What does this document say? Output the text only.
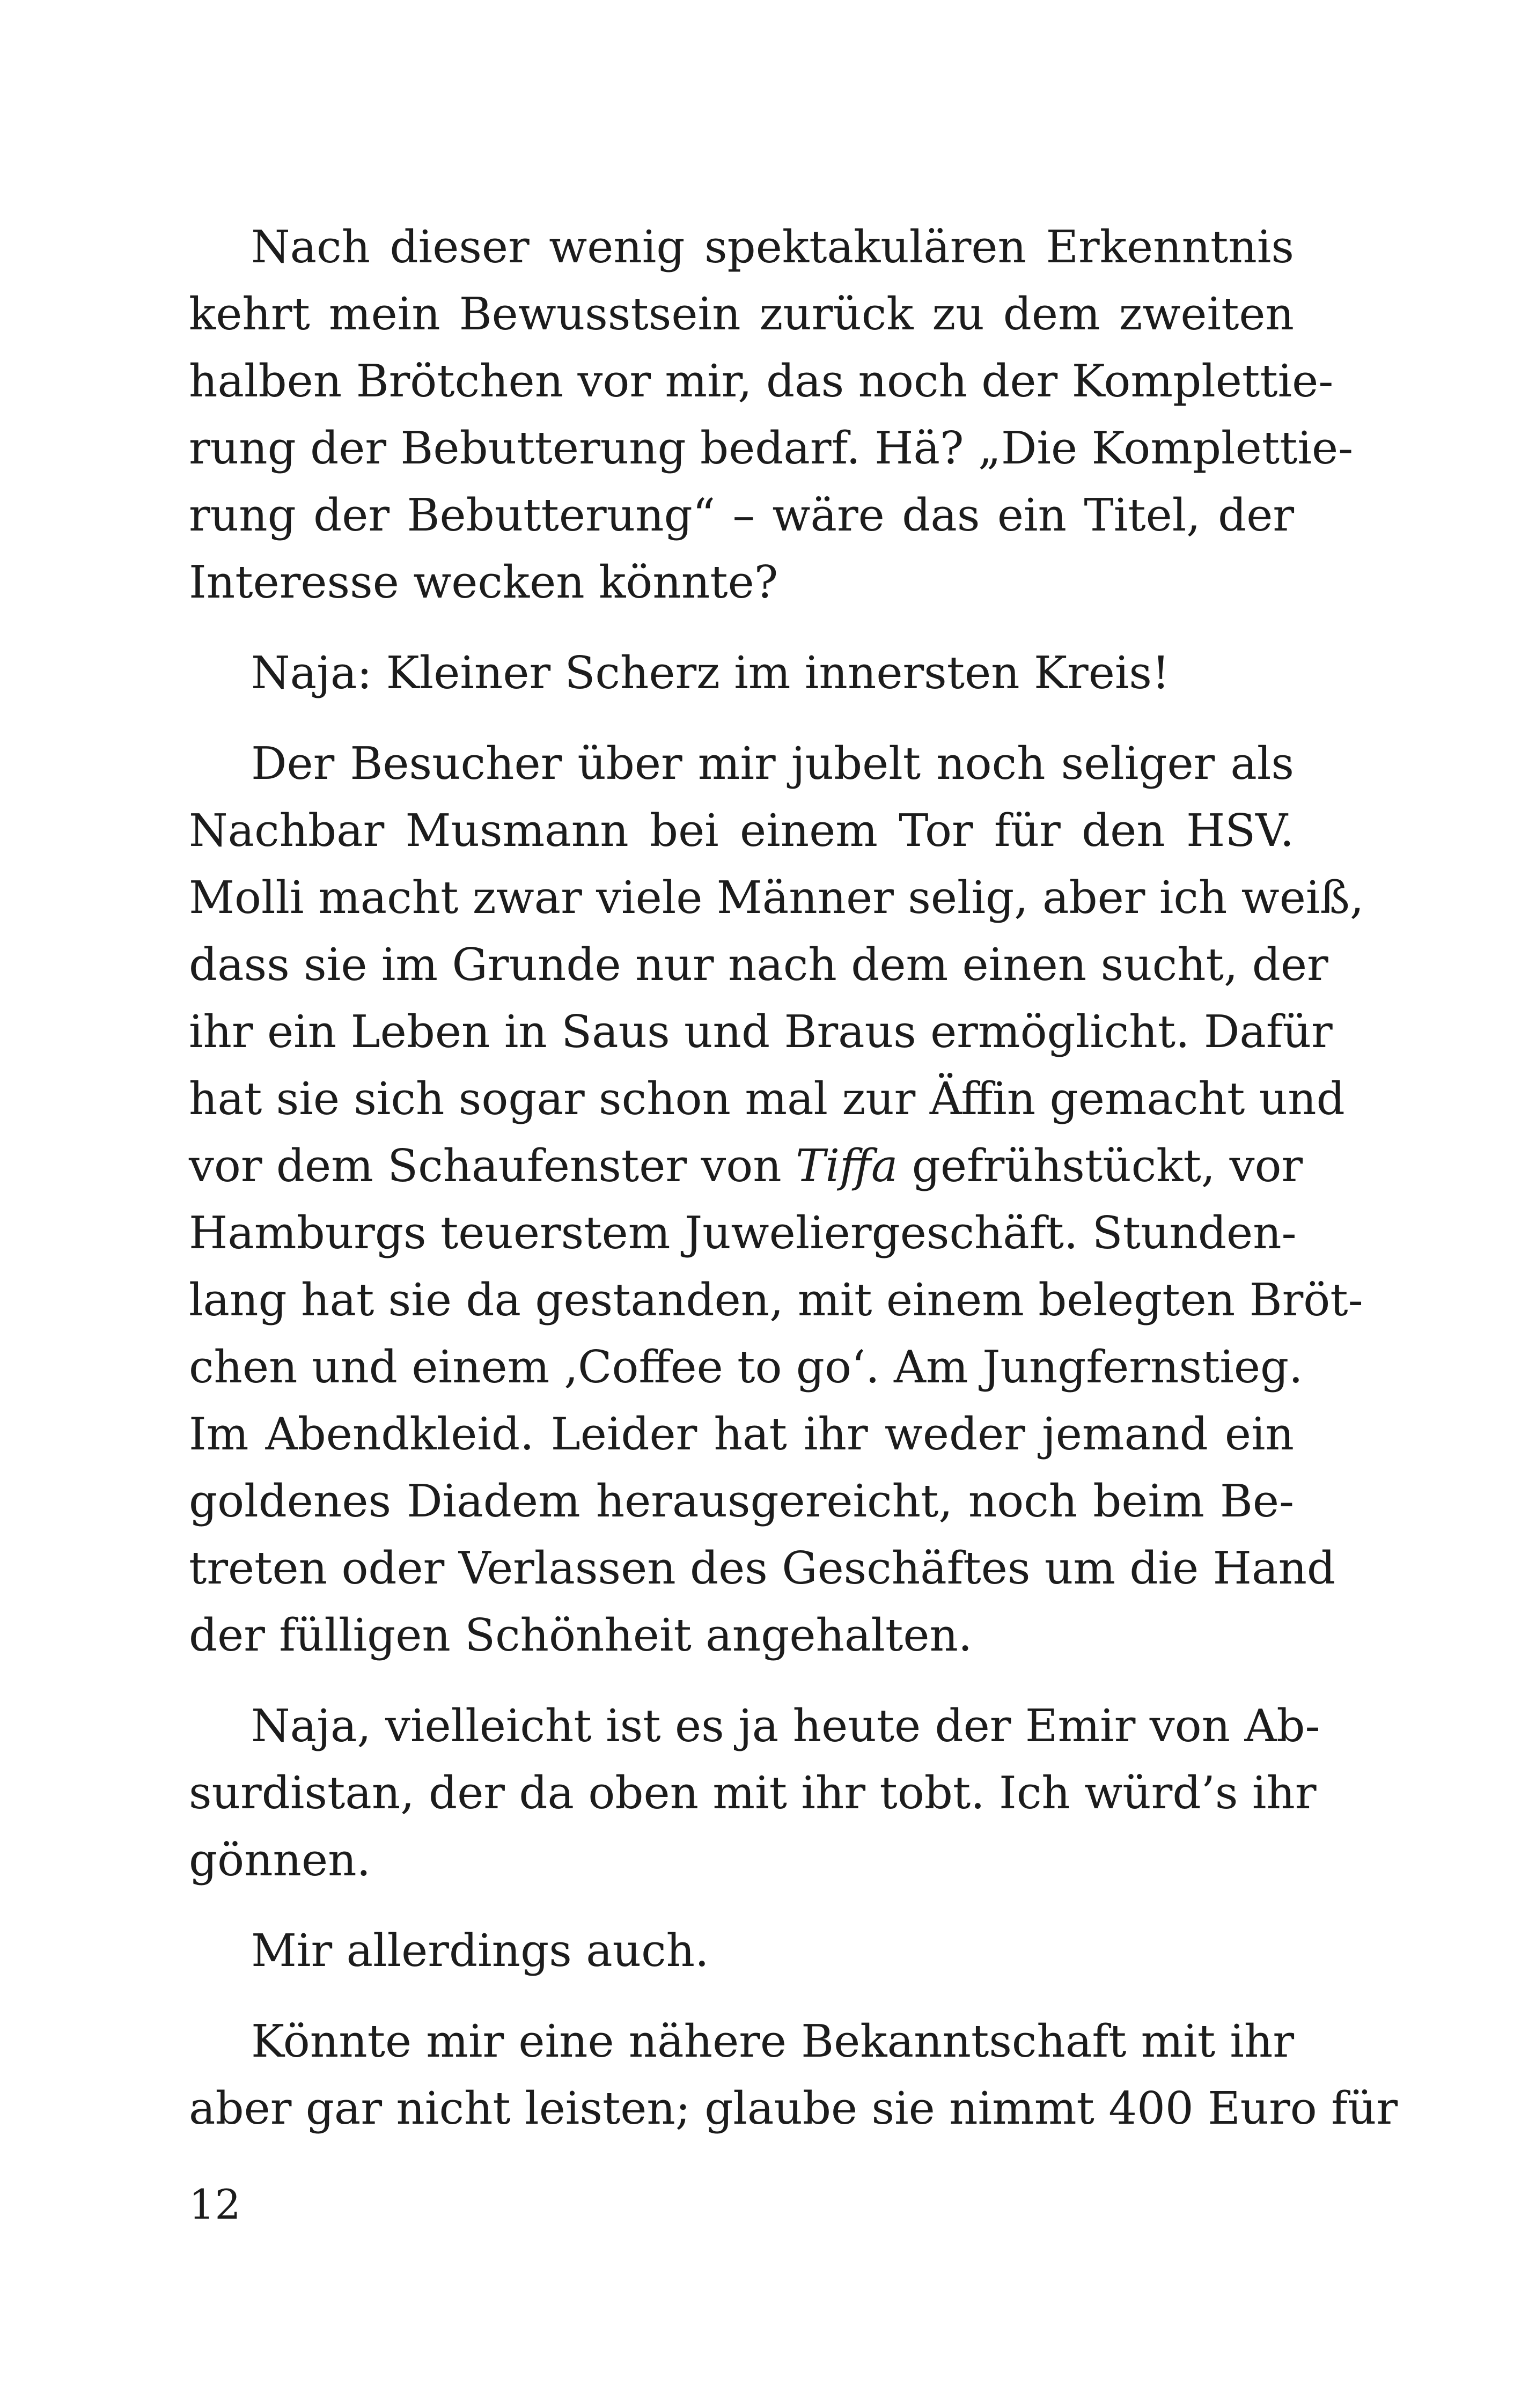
Nach dieser wenig spektakulären Erkenntnis
kehrt mein Bewusstsein zurück zu dem zweiten
halben Brötchen vor mir, das noch der Komplettie-
rung der Bebutterung bedarf. Hä? „Die Komplettie-
rung der Bebutterung“ – wäre das ein Titel, der
Interesse wecken könnte?
Naja: Kleiner Scherz im innersten Kreis!
Der Besucher über mir jubelt noch seliger als
Nachbar Musmann bei einem Tor für den HSV.
Molli macht zwar viele Männer selig, aber ich weiß,
dass sie im Grunde nur nach dem einen sucht, der
ihr ein Leben in Saus und Braus ermöglicht. Dafür
hat sie sich sogar schon mal zur Äffin gemacht und
vor dem Schaufenster von Tiffa gefrühstückt, vor
Hamburgs teuerstem Juweliergeschäft. Stunden-
lang hat sie da gestanden, mit einem belegten Bröt-
chen und einem ‚Coffee to go‘. Am Jungfernstieg.
Im Abendkleid. Leider hat ihr weder jemand ein
goldenes Diadem herausgereicht, noch beim Be-
treten oder Verlassen des Geschäftes um die Hand
der fülligen Schönheit angehalten.
Naja, vielleicht ist es ja heute der Emir von Ab-
surdistan, der da oben mit ihr tobt. Ich würd’s ihr
gönnen.
Mir allerdings auch.
Könnte mir eine nähere Bekanntschaft mit ihr
aber gar nicht leisten; glaube sie nimmt 400 Euro für
12
